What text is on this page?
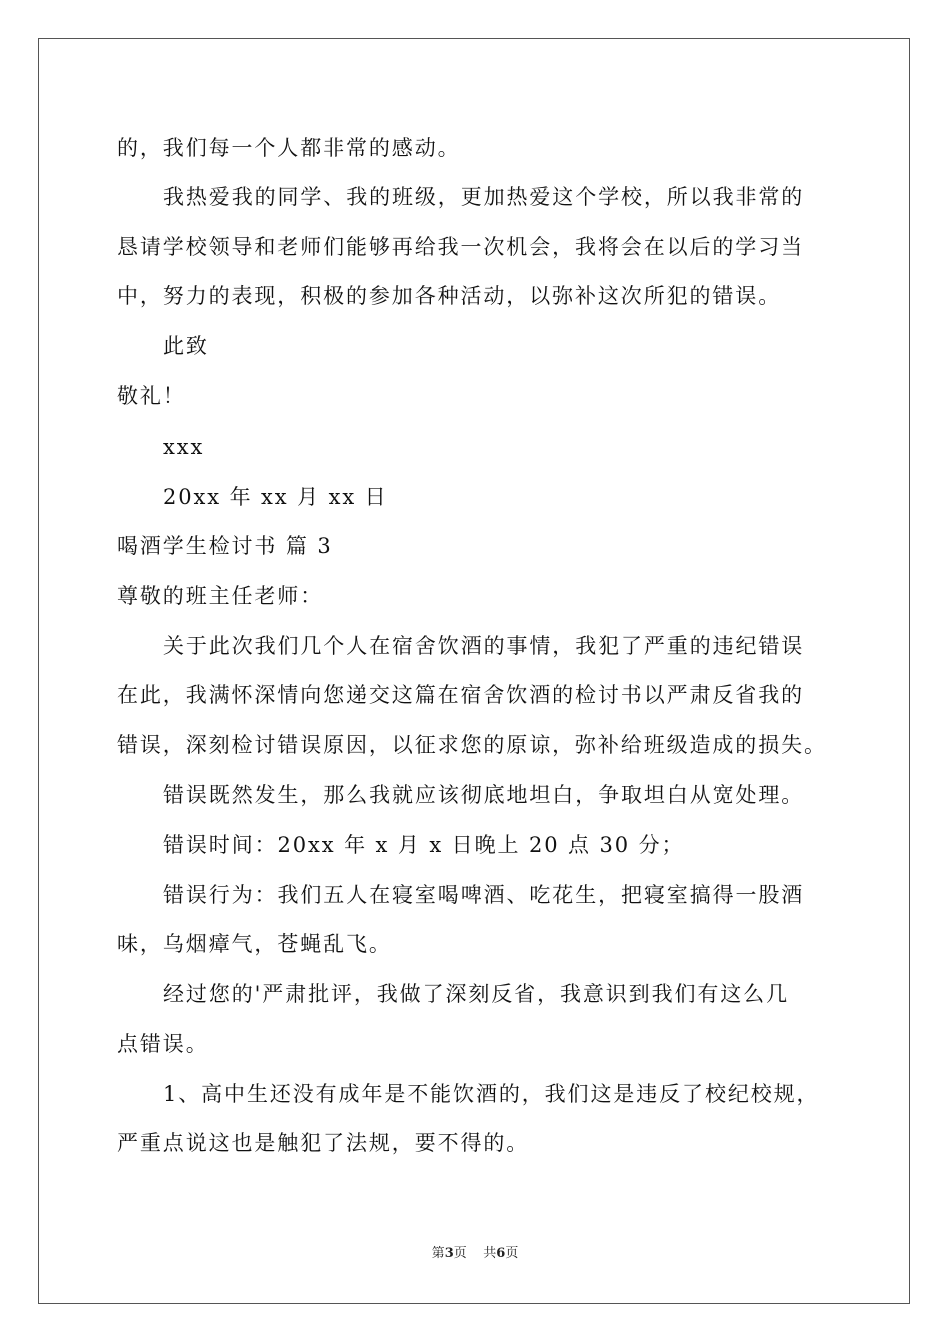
的，我们每一个人都非常的感动。
我热爱我的同学、我的班级，更加热爱这个学校，所以我非常的
恳请学校领导和老师们能够再给我一次机会，我将会在以后的学习当
中，努力的表现，积极的参加各种活动，以弥补这次所犯的错误。
此致
敬礼！
xxx
20xx 年 xx 月 xx 日
喝酒学生检讨书 篇 3
尊敬的班主任老师：
关于此次我们几个人在宿舍饮酒的事情，我犯了严重的违纪错误
在此，我满怀深情向您递交这篇在宿舍饮酒的检讨书以严肃反省我的
错误，深刻检讨错误原因，以征求您的原谅，弥补给班级造成的损失。
错误既然发生，那么我就应该彻底地坦白，争取坦白从宽处理。
错误时间：20xx 年 x 月 x 日晚上 20 点 30 分；
错误行为：我们五人在寝室喝啤酒、吃花生，把寝室搞得一股酒
味，乌烟瘴气，苍蝇乱飞。
经过您的'严肃批评，我做了深刻反省，我意识到我们有这么几
点错误。
1、高中生还没有成年是不能饮酒的，我们这是违反了校纪校规，
严重点说这也是触犯了法规，要不得的。
第3页    共6页
